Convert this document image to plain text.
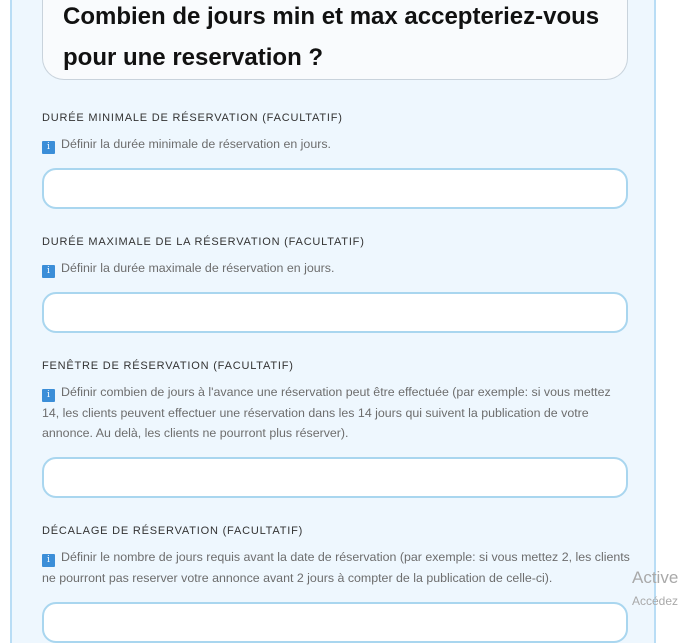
Combien de jours min et max accepteriez-vous pour une reservation ?
DURÉE MINIMALE DE RÉSERVATION (FACULTATIF)
i Définir la durée minimale de réservation en jours.
DURÉE MAXIMALE DE LA RÉSERVATION (FACULTATIF)
i Définir la durée maximale de réservation en jours.
FENÊTRE DE RÉSERVATION (FACULTATIF)
i Définir combien de jours à l'avance une réservation peut être effectuée (par exemple: si vous mettez 14, les clients peuvent effectuer une réservation dans les 14 jours qui suivent la publication de votre annonce. Au delà, les clients ne pourront plus réserver).
DÉCALAGE DE RÉSERVATION (FACULTATIF)
i Définir le nombre de jours requis avant la date de réservation (par exemple: si vous mettez 2, les clients ne pourront pas reserver votre annonce avant 2 jours à compter de la publication de celle-ci).	Active
Accédez
